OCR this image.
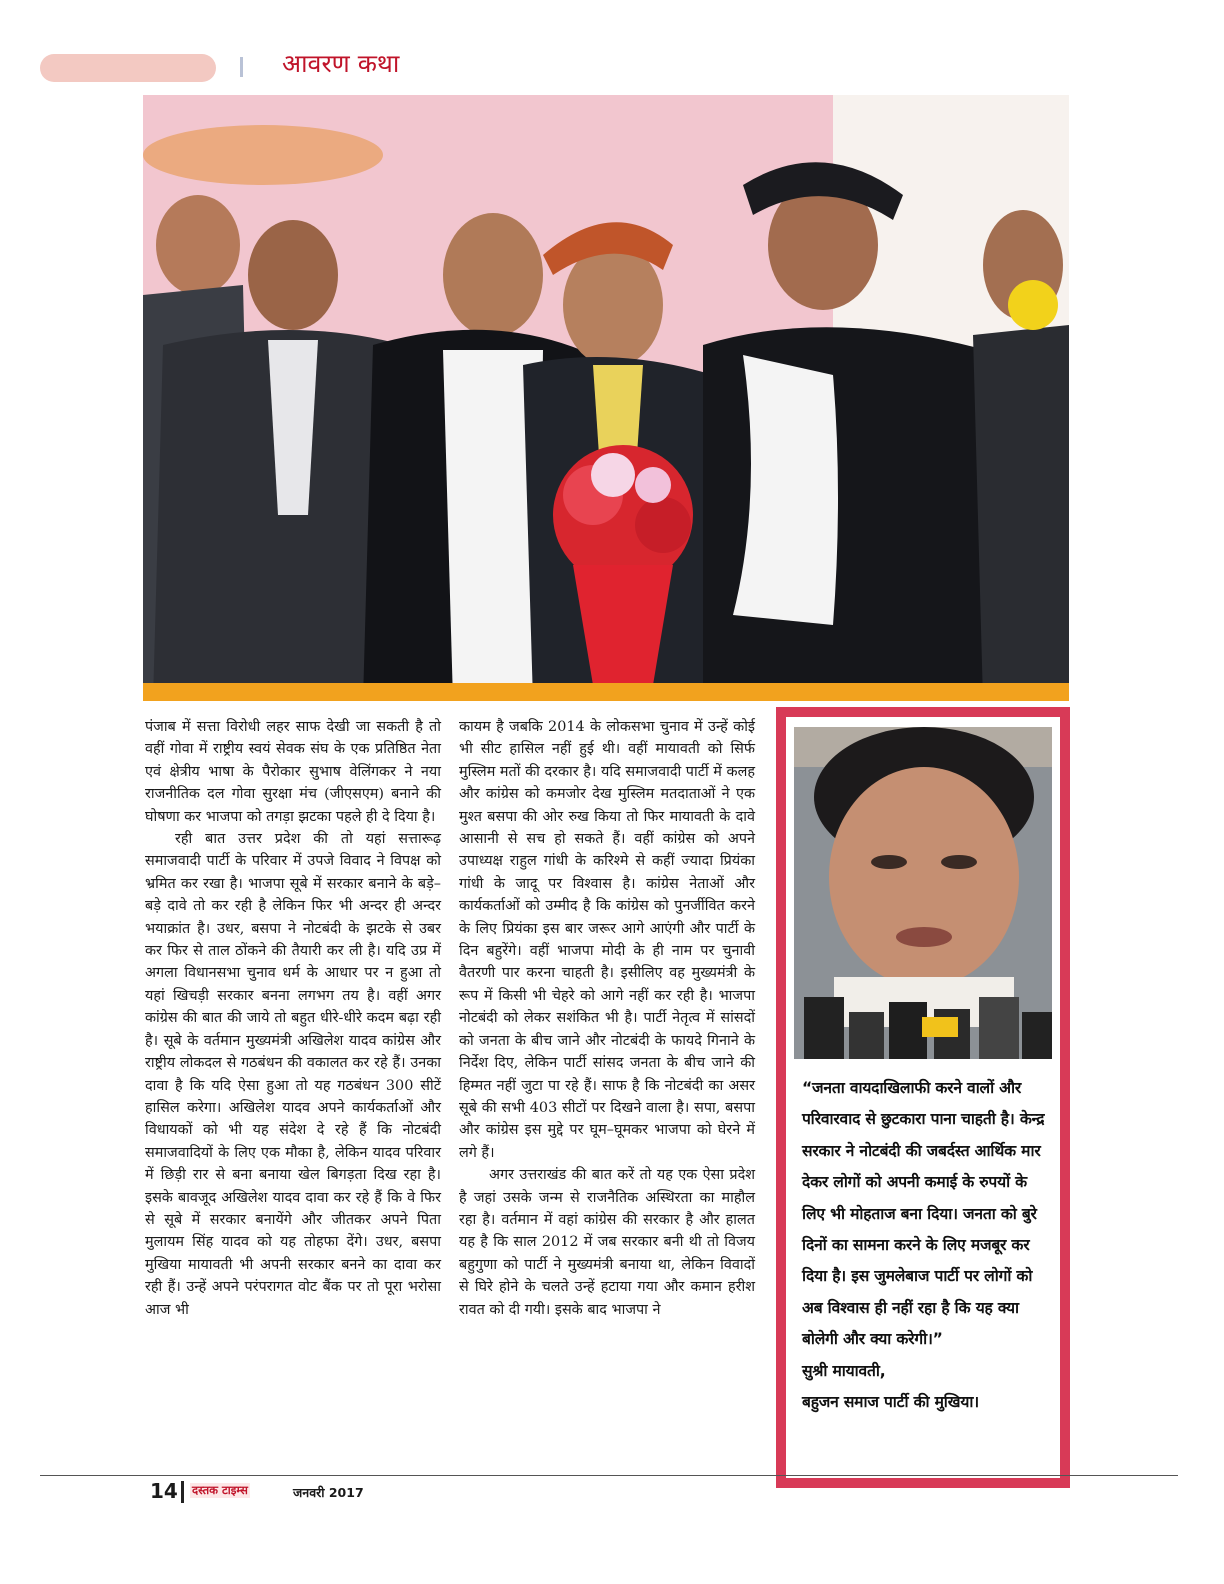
आवरण कथा

पंजाब में सत्ता विरोधी लहर साफ देखी जा सकती है तो वहीं गोवा में राष्ट्रीय स्वयं सेवक संघ के एक प्रतिष्ठित नेता एवं क्षेत्रीय भाषा के पैरोकार सुभाष वेलिंगकर ने नया राजनीतिक दल गोवा सुरक्षा मंच (जीएसएम) बनाने की घोषणा कर भाजपा को तगड़ा झटका पहले ही दे दिया है।

रही बात उत्तर प्रदेश की तो यहां सत्तारूढ़ समाजवादी पार्टी के परिवार में उपजे विवाद ने विपक्ष को भ्रमित कर रखा है। भाजपा सूबे में सरकार बनाने के बड़े–बड़े दावे तो कर रही है लेकिन फिर भी अन्दर ही अन्दर भयाक्रांत है। उधर, बसपा ने नोटबंदी के झटके से उबर कर फिर से ताल ठोंकने की तैयारी कर ली है। यदि उप्र में अगला विधानसभा चुनाव धर्म के आधार पर न हुआ तो यहां खिचड़ी सरकार बनना लगभग तय है। वहीं अगर कांग्रेस की बात की जाये तो बहुत धीरे-धीरे कदम बढ़ा रही है। सूबे के वर्तमान मुख्यमंत्री अखिलेश यादव कांग्रेस और राष्ट्रीय लोकदल से गठबंधन की वकालत कर रहे हैं। उनका दावा है कि यदि ऐसा हुआ तो यह गठबंधन 300 सीटें हासिल करेगा। अखिलेश यादव अपने कार्यकर्ताओं और विधायकों को भी यह संदेश दे रहे हैं कि नोटबंदी समाजवादियों के लिए एक मौका है, लेकिन यादव परिवार में छिड़ी रार से बना बनाया खेल बिगड़ता दिख रहा है। इसके बावजूद अखिलेश यादव दावा कर रहे हैं कि वे फिर से सूबे में सरकार बनायेंगे और जीतकर अपने पिता मुलायम सिंह यादव को यह तोहफा देंगे। उधर, बसपा मुखिया मायावती भी अपनी सरकार बनने का दावा कर रही हैं। उन्हें अपने परंपरागत वोट बैंक पर तो पूरा भरोसा आज भी

कायम है जबकि 2014 के लोकसभा चुनाव में उन्हें कोई भी सीट हासिल नहीं हुई थी। वहीं मायावती को सिर्फ मुस्लिम मतों की दरकार है। यदि समाजवादी पार्टी में कलह और कांग्रेस को कमजोर देख मुस्लिम मतदाताओं ने एक मुश्त बसपा की ओर रुख किया तो फिर मायावती के दावे आसानी से सच हो सकते हैं। वहीं कांग्रेस को अपने उपाध्यक्ष राहुल गांधी के करिश्मे से कहीं ज्यादा प्रियंका गांधी के जादू पर विश्वास है। कांग्रेस नेताओं और कार्यकर्ताओं को उम्मीद है कि कांग्रेस को पुनर्जीवित करने के लिए प्रियंका इस बार जरूर आगे आएंगी और पार्टी के दिन बहुरेंगे। वहीं भाजपा मोदी के ही नाम पर चुनावी वैतरणी पार करना चाहती है। इसीलिए वह मुख्यमंत्री के रूप में किसी भी चेहरे को आगे नहीं कर रही है। भाजपा नोटबंदी को लेकर सशंकित भी है। पार्टी नेतृत्व में सांसदों को जनता के बीच जाने और नोटबंदी के फायदे गिनाने के निर्देश दिए, लेकिन पार्टी सांसद जनता के बीच जाने की हिम्मत नहीं जुटा पा रहे हैं। साफ है कि नोटबंदी का असर सूबे की सभी 403 सीटों पर दिखने वाला है। सपा, बसपा और कांग्रेस इस मुद्दे पर घूम–घूमकर भाजपा को घेरने में लगे हैं।

अगर उत्तराखंड की बात करें तो यह एक ऐसा प्रदेश है जहां उसके जन्म से राजनैतिक अस्थिरता का माहौल रहा है। वर्तमान में वहां कांग्रेस की सरकार है और हालत यह है कि साल 2012 में जब सरकार बनी थी तो विजय बहुगुणा को पार्टी ने मुख्यमंत्री बनाया था, लेकिन विवादों से घिरे होने के चलते उन्हें हटाया गया और कमान हरीश रावत को दी गयी। इसके बाद भाजपा ने

“जनता वायदाखिलाफी करने वालों और परिवारवाद से छुटकारा पाना चाहती है। केन्द्र सरकार ने नोटबंदी की जबर्दस्त आर्थिक मार देकर लोगों को अपनी कमाई के रुपयों के लिए भी मोहताज बना दिया। जनता को बुरे दिनों का सामना करने के लिए मजबूर कर दिया है। इस जुमलेबाज पार्टी पर लोगों को अब विश्वास ही नहीं रहा है कि यह क्या बोलेगी और क्या करेगी।”
सुश्री मायावती,
बहुजन समाज पार्टी की मुखिया।
14 दस्तक टाइम्स	जनवरी 2017
